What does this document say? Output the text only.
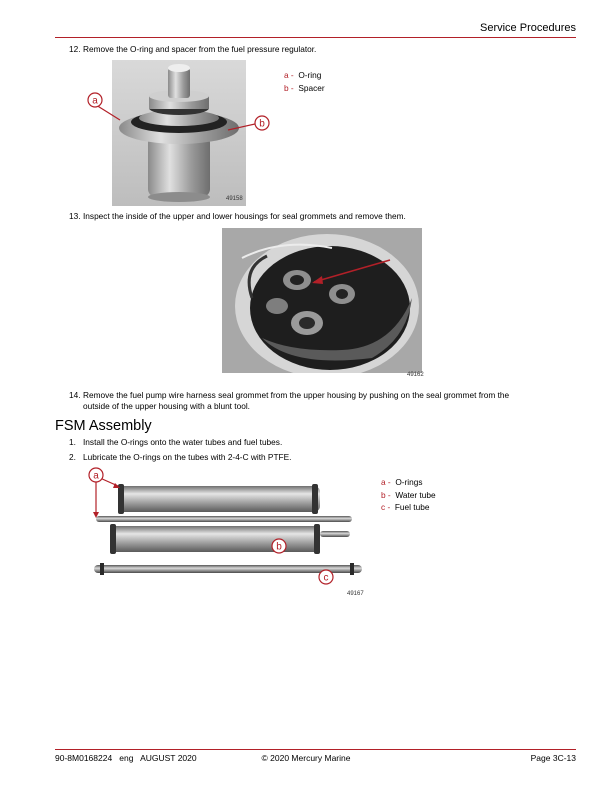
Service Procedures
12. Remove the O-ring and spacer from the fuel pressure regulator.
49158
a
b
a - O-ring
b - Spacer
13. Inspect the inside of the upper and lower housings for seal grommets and remove them.
49162
14. Remove the fuel pump wire harness seal grommet from the upper housing by pushing on the seal grommet from the
outside of the upper housing with a blunt tool.
FSM Assembly
1. Install the O-rings onto the water tubes and fuel tubes.
2. Lubricate the O-rings on the tubes with 2-4-C with PTFE.
a
b
c
49167
a - O-rings
b - Water tube
c - Fuel tube
90-8M0168224   eng   AUGUST 2020	© 2020 Mercury Marine	Page 3C-13
